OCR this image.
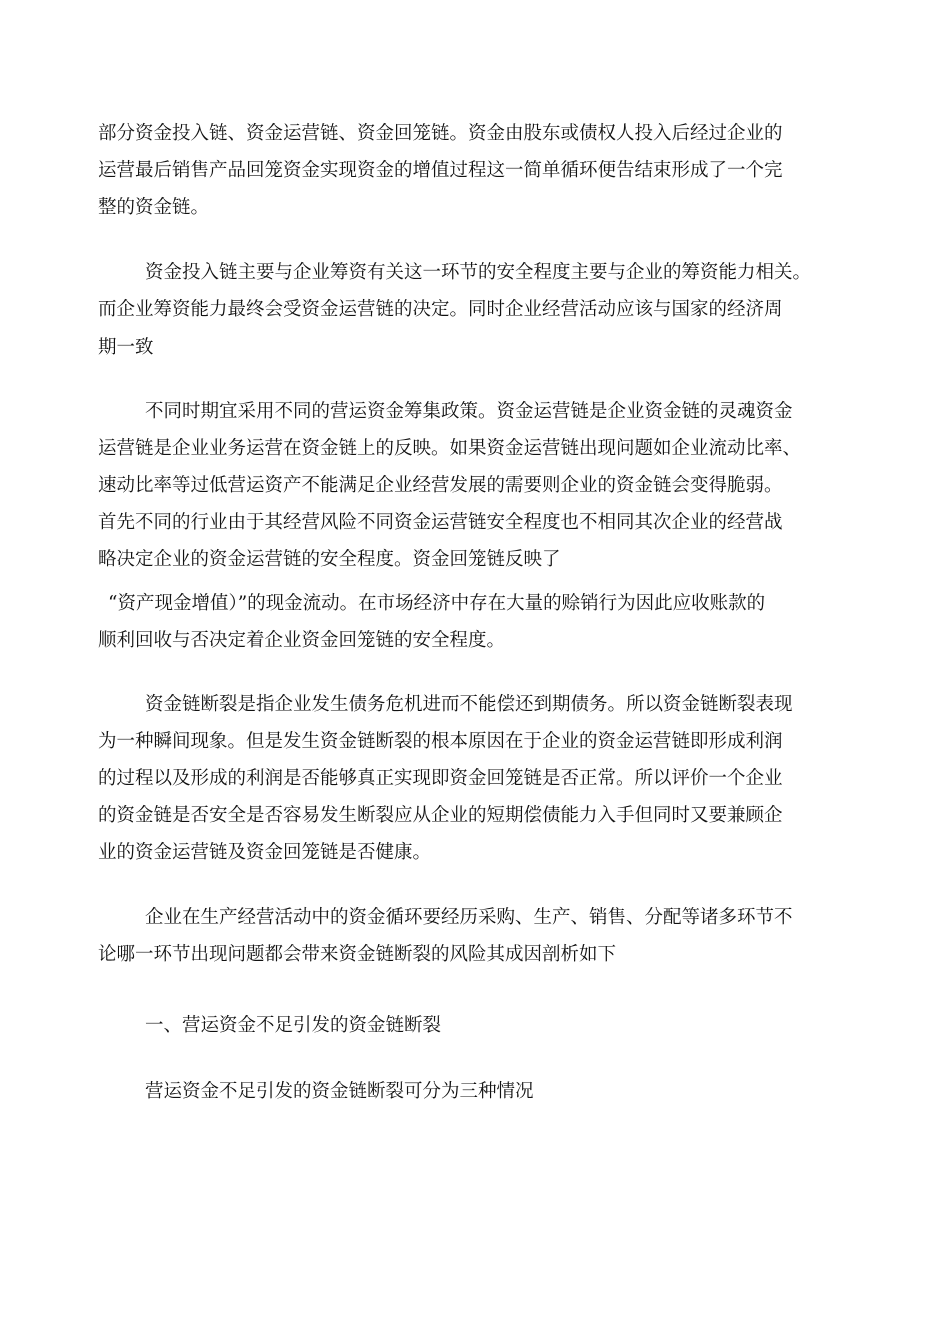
部分资金投入链、资金运营链、资金回笼链。资金由股东或债权人投入后经过企业的
运营最后销售产品回笼资金实现资金的增值过程这一简单循环便告结束形成了一个完
整的资金链。
资金投入链主要与企业筹资有关这一环节的安全程度主要与企业的筹资能力相关。
而企业筹资能力最终会受资金运营链的决定。同时企业经营活动应该与国家的经济周
期一致
不同时期宜采用不同的营运资金筹集政策。资金运营链是企业资金链的灵魂资金
运营链是企业业务运营在资金链上的反映。如果资金运营链出现问题如企业流动比率、
速动比率等过低营运资产不能满足企业经营发展的需要则企业的资金链会变得脆弱。
首先不同的行业由于其经营风险不同资金运营链安全程度也不相同其次企业的经营战
略决定企业的资金运营链的安全程度。资金回笼链反映了
“资产现金增值）”的现金流动。在市场经济中存在大量的赊销行为因此应收账款的
顺利回收与否决定着企业资金回笼链的安全程度。
资金链断裂是指企业发生债务危机进而不能偿还到期债务。所以资金链断裂表现
为一种瞬间现象。但是发生资金链断裂的根本原因在于企业的资金运营链即形成利润
的过程以及形成的利润是否能够真正实现即资金回笼链是否正常。所以评价一个企业
的资金链是否安全是否容易发生断裂应从企业的短期偿债能力入手但同时又要兼顾企
业的资金运营链及资金回笼链是否健康。
企业在生产经营活动中的资金循环要经历采购、生产、销售、分配等诸多环节不
论哪一环节出现问题都会带来资金链断裂的风险其成因剖析如下
一、营运资金不足引发的资金链断裂
营运资金不足引发的资金链断裂可分为三种情况
